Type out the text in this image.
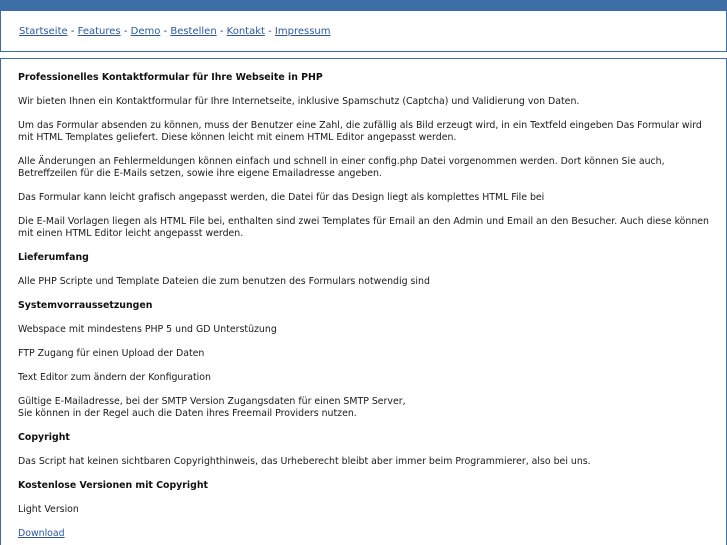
Startseite - Features - Demo - Bestellen - Kontakt - Impressum
Professionelles Kontaktformular für Ihre Webseite in PHP

Wir bieten Ihnen ein Kontaktformular für Ihre Internetseite, inklusive Spamschutz (Captcha) und Validierung von Daten.

Um das Formular absenden zu können, muss der Benutzer eine Zahl, die zufällig als Bild erzeugt wird, in ein Textfeld eingeben Das Formular wird mit HTML Templates geliefert. Diese können leicht mit einem HTML Editor angepasst werden.

Alle Änderungen an Fehlermeldungen können einfach und schnell in einer config.php Datei vorgenommen werden. Dort können Sie auch, Betreffzeilen für die E-Mails setzen, sowie ihre eigene Emailadresse angeben.

Das Formular kann leicht grafisch angepasst werden, die Datei für das Design liegt als komplettes HTML File bei

Die E-Mail Vorlagen liegen als HTML File bei, enthalten sind zwei Templates für Email an den Admin und Email an den Besucher. Auch diese können mit einen HTML Editor leicht angepasst werden.

Lieferumfang

Alle PHP Scripte und Template Dateien die zum benutzen des Formulars notwendig sind

Systemvorraussetzungen

Webspace mit mindestens PHP 5 und GD Unterstüzung

FTP Zugang für einen Upload der Daten

Text Editor zum ändern der Konfiguration

Gültige E-Mailadresse, bei der SMTP Version Zugangsdaten für einen SMTP Server,
Sie können in der Regel auch die Daten ihres Freemail Providers nutzen.

Copyright

Das Script hat keinen sichtbaren Copyrighthinweis, das Urheberecht bleibt aber immer beim Programmierer, also bei uns.

Kostenlose Versionen mit Copyright

Light Version

Download
